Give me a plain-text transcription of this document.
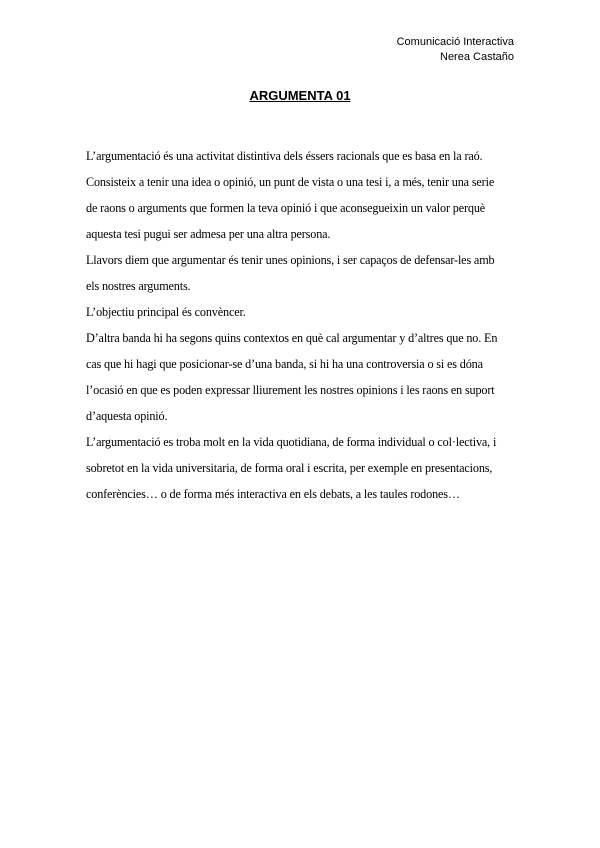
Comunicació Interactiva
Nerea Castaño
ARGUMENTA 01
L’argumentació és una activitat distintiva dels éssers racionals que es basa en la raó.
Consisteix a tenir una idea o opinió, un punt de vista o una tesi i, a més, tenir una serie
de raons o arguments que formen la teva opinió i que aconsegueixin un valor perquè
aquesta tesi pugui ser admesa per una altra persona.
Llavors diem que argumentar és tenir unes opinions, i ser capaços de defensar-les amb
els nostres arguments.
L’objectiu principal és convèncer.
D’altra banda hi ha segons quins contextos en què cal argumentar y d’altres que no. En
cas que hi hagi que posicionar-se d’una banda, si hi ha una controversia o si es dóna
l’ocasió en que es poden expressar lliurement les nostres opinions i les raons en suport
d’aquesta opinió.
L’argumentació es troba molt en la vida quotidiana, de forma individual o col·lectiva, i
sobretot en la vida universitaria, de forma oral i escrita, per exemple en presentacions,
conferències… o de forma més interactiva en els debats, a les taules rodones…
